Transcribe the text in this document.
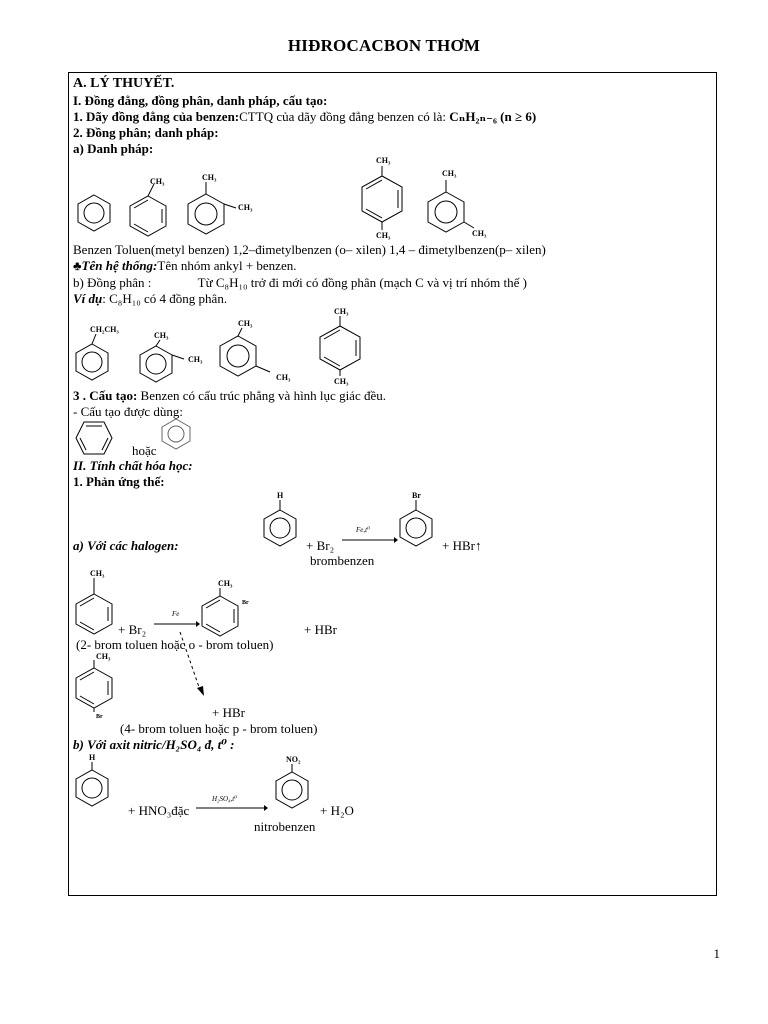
HIĐROCACBON THƠM
A. LÝ THUYẾT.
I. Đồng đẳng, đồng phân, danh pháp, cấu tạo:
1. Dãy đồng đẳng của benzen:CTTQ của dãy đồng đẳng benzen có là: CₙH₂ₙ₋₆ (n ≥ 6)
2. Đồng phân; danh pháp:
a) Danh pháp:
CH₃	CH₃
CH₃
CH₃
CH₃
CH₃
CH₃
Benzen Toluen(metyl benzen) 1,2–đimetylbenzen (o– xilen) 1,4 – đimetylbenzen(p– xilen)
♣Tên hệ thống:Tên nhóm ankyl + benzen.
b) Đồng phân :	Từ C₈H₁₀ trở đi mới có đồng phân (mạch C và vị trí nhóm thế )
Ví dụ: C₈H₁₀ có 4 đồng phân.
CH₂CH₃
CH₃
CH₃
CH₃
CH₃
CH₃
CH₃
3 . Cấu tạo: Benzen có cấu trúc phẳng và hình lục giác đều.
- Cấu tạo được dùng:
hoặc
II. Tính chất hóa học:
1. Phản ứng thế:
a) Với các halogen:
H
+ Br₂ →
Fe,t⁰
Br
+ HBr↑
brombenzen
CH₃
+ Br₂ →
Fe
CH₃
Br
+ HBr
(2- brom toluen hoặc o - brom toluen)
CH₃
Br	+ HBr
(4- brom toluen hoặc p - brom toluen)
b) Với axit nitric/H₂SO₄ đ, t⁰ :
H
+ HNO₃đặc
H₂SO₄,t⁰
NO₂
+ H₂O
nitrobenzen
1
